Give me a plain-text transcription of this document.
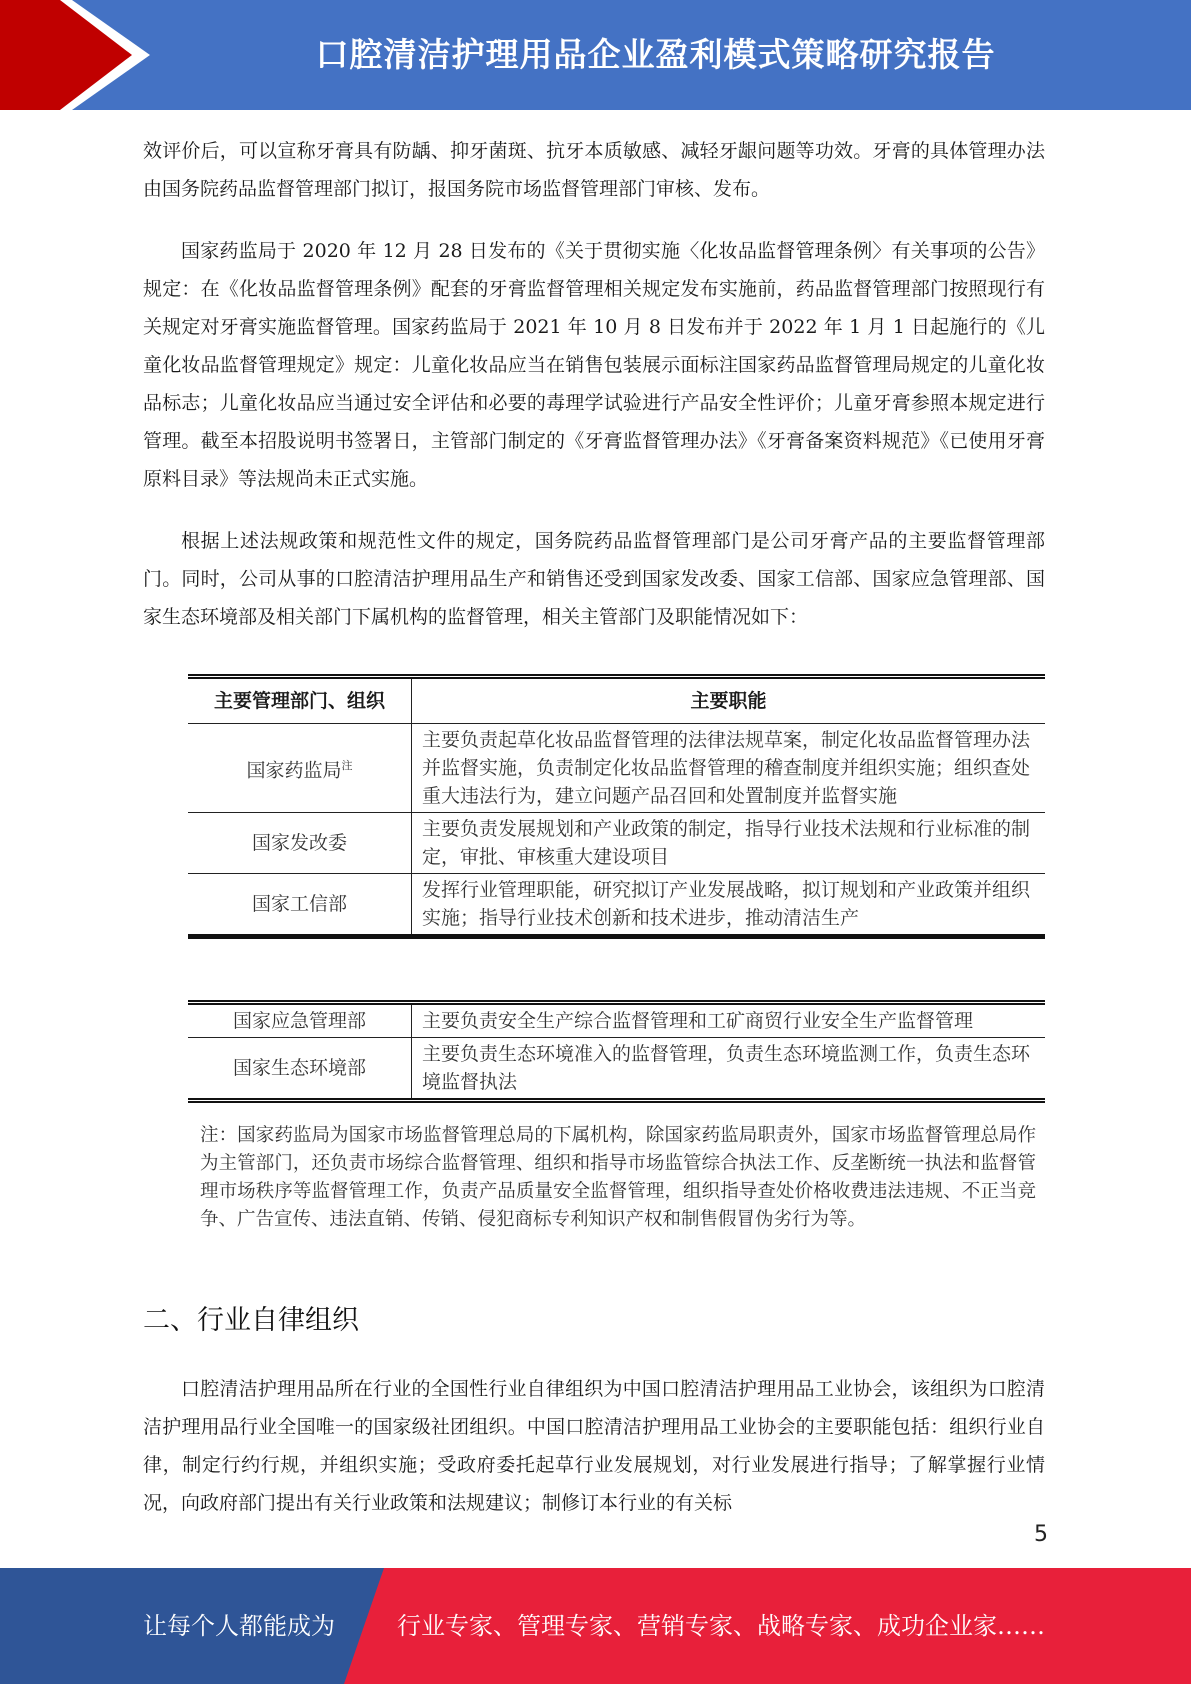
口腔清洁护理用品企业盈利模式策略研究报告

效评价后，可以宣称牙膏具有防龋、抑牙菌斑、抗牙本质敏感、减轻牙龈问题等功效。牙膏的具体管理办法由国务院药品监督管理部门拟订，报国务院市场监督管理部门审核、发布。

国家药监局于 2020 年 12 月 28 日发布的《关于贯彻实施〈化妆品监督管理条例〉有关事项的公告》规定：在《化妆品监督管理条例》配套的牙膏监督管理相关规定发布实施前，药品监督管理部门按照现行有关规定对牙膏实施监督管理。国家药监局于 2021 年 10 月 8 日发布并于 2022 年 1 月 1 日起施行的《儿童化妆品监督管理规定》规定：儿童化妆品应当在销售包装展示面标注国家药品监督管理局规定的儿童化妆品标志；儿童化妆品应当通过安全评估和必要的毒理学试验进行产品安全性评价；儿童牙膏参照本规定进行管理。截至本招股说明书签署日，主管部门制定的《牙膏监督管理办法》《牙膏备案资料规范》《已使用牙膏原料目录》等法规尚未正式实施。

根据上述法规政策和规范性文件的规定，国务院药品监督管理部门是公司牙膏产品的主要监督管理部门。同时，公司从事的口腔清洁护理用品生产和销售还受到国家发改委、国家工信部、国家应急管理部、国家生态环境部及相关部门下属机构的监督管理，相关主管部门及职能情况如下：

主要管理部门、组织	主要职能
国家药监局$^注$	主要负责起草化妆品监督管理的法律法规草案，制定化妆品监督管理办法并监督实施，负责制定化妆品监督管理的稽查制度并组织实施；组织查处重大违法行为，建立问题产品召回和处置制度并监督实施
国家发改委	主要负责发展规划和产业政策的制定，指导行业技术法规和行业标准的制定，审批、审核重大建设项目
国家工信部	发挥行业管理职能，研究拟订产业发展战略，拟订规划和产业政策并组织实施；指导行业技术创新和技术进步，推动清洁生产
国家应急管理部	主要负责安全生产综合监督管理和工矿商贸行业安全生产监督管理
国家生态环境部	主要负责生态环境准入的监督管理，负责生态环境监测工作，负责生态环境监督执法
注：国家药监局为国家市场监督管理总局的下属机构，除国家药监局职责外，国家市场监督管理总局作为主管部门，还负责市场综合监督管理、组织和指导市场监管综合执法工作、反垄断统一执法和监督管理市场秩序等监督管理工作，负责产品质量安全监督管理，组织指导查处价格收费违法违规、不正当竞争、广告宣传、违法直销、传销、侵犯商标专利知识产权和制售假冒伪劣行为等。
二、行业自律组织

口腔清洁护理用品所在行业的全国性行业自律组织为中国口腔清洁护理用品工业协会，该组织为口腔清洁护理用品行业全国唯一的国家级社团组织。中国口腔清洁护理用品工业协会的主要职能包括：组织行业自律，制定行约行规，并组织实施；受政府委托起草行业发展规划，对行业发展进行指导；了解掌握行业情况，向政府部门提出有关行业政策和法规建议；制修订本行业的有关标

5
让每个人都能成为	行业专家、管理专家、营销专家、战略专家、成功企业家……
